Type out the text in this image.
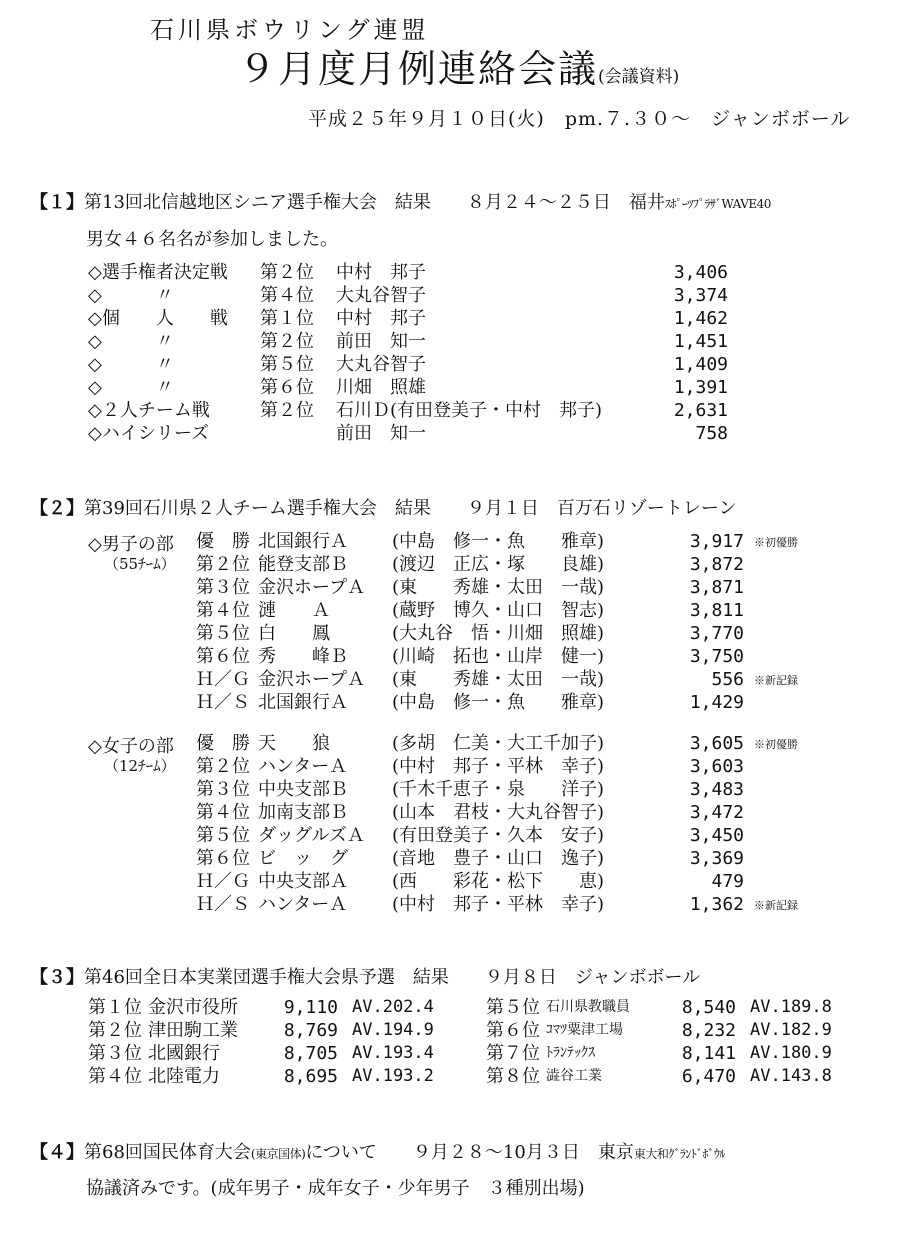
石川県ボウリング連盟
９月度月例連絡会議 (会議資料)
平成２５年９月１０日(火)　pm.７.３０～　ジャンボボール
【１】第13回北信越地区シニア選手権大会　結果　　８月２４～２５日　福井ｽﾎﾟｰﾂﾌﾟﾗｻﾞWAVE40
男女４６名名が参加しました。
◇選手権者決定戦 第２位 中村　邦子	3,406
◇　　　〃	第４位 大丸谷智子	3,374
◇個　　人　　戦 第１位 中村　邦子	1,462
◇　　　〃	第２位 前田　知一	1,451
◇　　　〃	第５位 大丸谷智子	1,409
◇　　　〃	第６位 川畑　照雄	1,391
◇２人チーム戦	第２位 石川Ｄ(有田登美子・中村　邦子)	2,631
◇ハイシリーズ	前田　知一	758
【２】第39回石川県２人チーム選手権大会　結果　　９月１日　百万石リゾートレーン
◇男子の部
（55ﾁｰﾑ）
優　勝 北国銀行Ａ (中島　修一・魚　　雅章)	3,917 ※初優勝
第２位 能登支部Ｂ (渡辺　正広・塚　　良雄)	3,872
第３位 金沢ホープＡ (東　　秀雄・太田　一哉)	3,871
第４位 漣　　Ａ	(蔵野　博久・山口　智志)	3,811
第５位 白　　鳳	(大丸谷　悟・川畑　照雄)	3,770
第６位 秀　　峰Ｂ (川崎　拓也・山岸　健一)	3,750
Ｈ／Ｇ 金沢ホープＡ (東　　秀雄・太田　一哉)	556 ※新記録
Ｈ／Ｓ 北国銀行Ａ (中島　修一・魚　　雅章)	1,429
◇女子の部
（12ﾁｰﾑ）
優　勝 天　　狼	(多胡　仁美・大工千加子)	3,605 ※初優勝
第２位 ハンターＡ (中村　邦子・平林　幸子)	3,603
第３位 中央支部Ｂ (千木千恵子・泉　　洋子)	3,483
第４位 加南支部Ｂ (山本　君枝・大丸谷智子)	3,472
第５位 ダッグルズＡ (有田登美子・久本　安子)	3,450
第６位 ビ　ッ　グ (音地　豊子・山口　逸子)	3,369
Ｈ／Ｇ 中央支部Ａ (西　　彩花・松下　　恵)	479
Ｈ／Ｓ ハンターＡ (中村　邦子・平林　幸子)	1,362 ※新記録
【３】第46回全日本実業団選手権大会県予選　結果　　９月８日　ジャンボボール
第１位 金沢市役所	9,110 AV.202.4
第２位 津田駒工業	8,769 AV.194.9
第３位 北國銀行	8,705 AV.193.4
第４位 北陸電力	8,695 AV.193.2
第５位 石川県教職員	8,540 AV.189.8
第６位 ｺﾏﾂ粟津工場	8,232 AV.182.9
第７位 ﾄﾗﾝﾃｯｸｽ	8,141 AV.180.9
第８位 澁谷工業	6,470 AV.143.8
【４】第68回国民体育大会(東京国体)について　　９月２８～10月３日　東京東大和ｸﾞﾗﾝﾄﾞﾎﾞｳﾙ
協議済みです。(成年男子・成年女子・少年男子　３種別出場)
